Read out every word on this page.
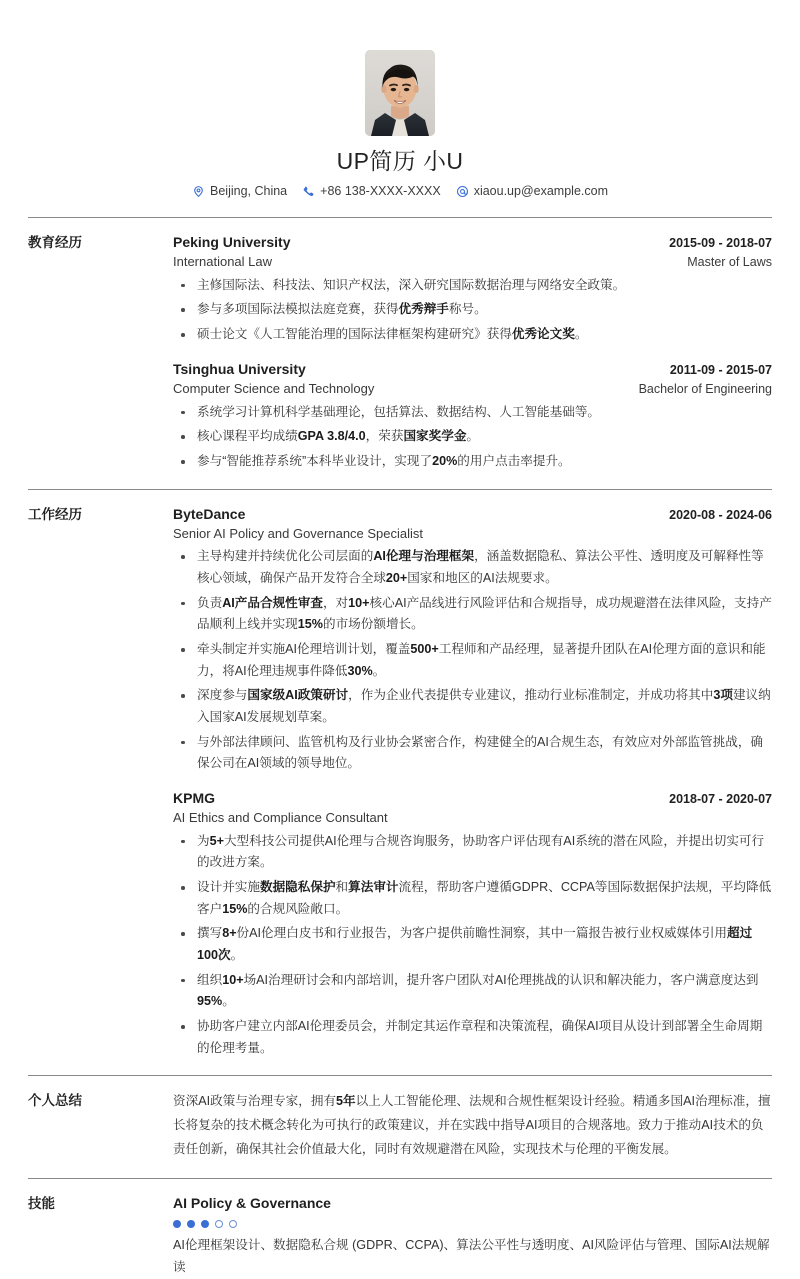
UP简历 小U
Beijing, China	+86 138-XXXX-XXXX	xiaou.up@example.com
教育经历	Peking University	2015-09 - 2018-07
International Law	Master of Laws
主修国际法、科技法、知识产权法，深入研究国际数据治理与网络安全政策。
参与多项国际法模拟法庭竞赛，获得优秀辩手称号。
硕士论文《人工智能治理的国际法律框架构建研究》获得优秀论文奖。
Tsinghua University	2011-09 - 2015-07
Computer Science and Technology	Bachelor of Engineering
系统学习计算机科学基础理论，包括算法、数据结构、人工智能基础等。
核心课程平均成绩GPA 3.8/4.0，荣获国家奖学金。
参与“智能推荐系统”本科毕业设计，实现了20%的用户点击率提升。
工作经历	ByteDance	2020-08 - 2024-06
Senior AI Policy and Governance Specialist
主导构建并持续优化公司层面的AI伦理与治理框架，涵盖数据隐私、算法公平性、透明度及可解释性等核心领域，确保产品开发符合全球20+国家和地区的AI法规要求。
负责AI产品合规性审查，对10+核心AI产品线进行风险评估和合规指导，成功规避潜在法律风险，支持产品顺利上线并实现15%的市场份额增长。
牵头制定并实施AI伦理培训计划，覆盖500+工程师和产品经理，显著提升团队在AI伦理方面的意识和能力，将AI伦理违规事件降低30%。
深度参与国家级AI政策研讨，作为企业代表提供专业建议，推动行业标准制定，并成功将其中3项建议纳入国家AI发展规划草案。
与外部法律顾问、监管机构及行业协会紧密合作，构建健全的AI合规生态，有效应对外部监管挑战，确保公司在AI领域的领导地位。
KPMG	2018-07 - 2020-07
AI Ethics and Compliance Consultant
为5+大型科技公司提供AI伦理与合规咨询服务，协助客户评估现有AI系统的潜在风险，并提出切实可行的改进方案。
设计并实施数据隐私保护和算法审计流程，帮助客户遵循GDPR、CCPA等国际数据保护法规，平均降低客户15%的合规风险敞口。
撰写8+份AI伦理白皮书和行业报告，为客户提供前瞻性洞察，其中一篇报告被行业权威媒体引用超过100次。
组织10+场AI治理研讨会和内部培训，提升客户团队对AI伦理挑战的认识和解决能力，客户满意度达到95%。
协助客户建立内部AI伦理委员会，并制定其运作章程和决策流程，确保AI项目从设计到部署全生命周期的伦理考量。
个人总结	资深AI政策与治理专家，拥有5年以上人工智能伦理、法规和合规性框架设计经验。精通多国AI治理标准，擅长将复杂的技术概念转化为可执行的政策建议，并在实践中指导AI项目的合规落地。致力于推动AI技术的负责任创新，确保其社会价值最大化，同时有效规避潜在风险，实现技术与伦理的平衡发展。
技能	AI Policy & Governance
AI伦理框架设计、数据隐私合规 (GDPR、CCPA)、算法公平性与透明度、AI风险评估与管理、国际AI法规解读
